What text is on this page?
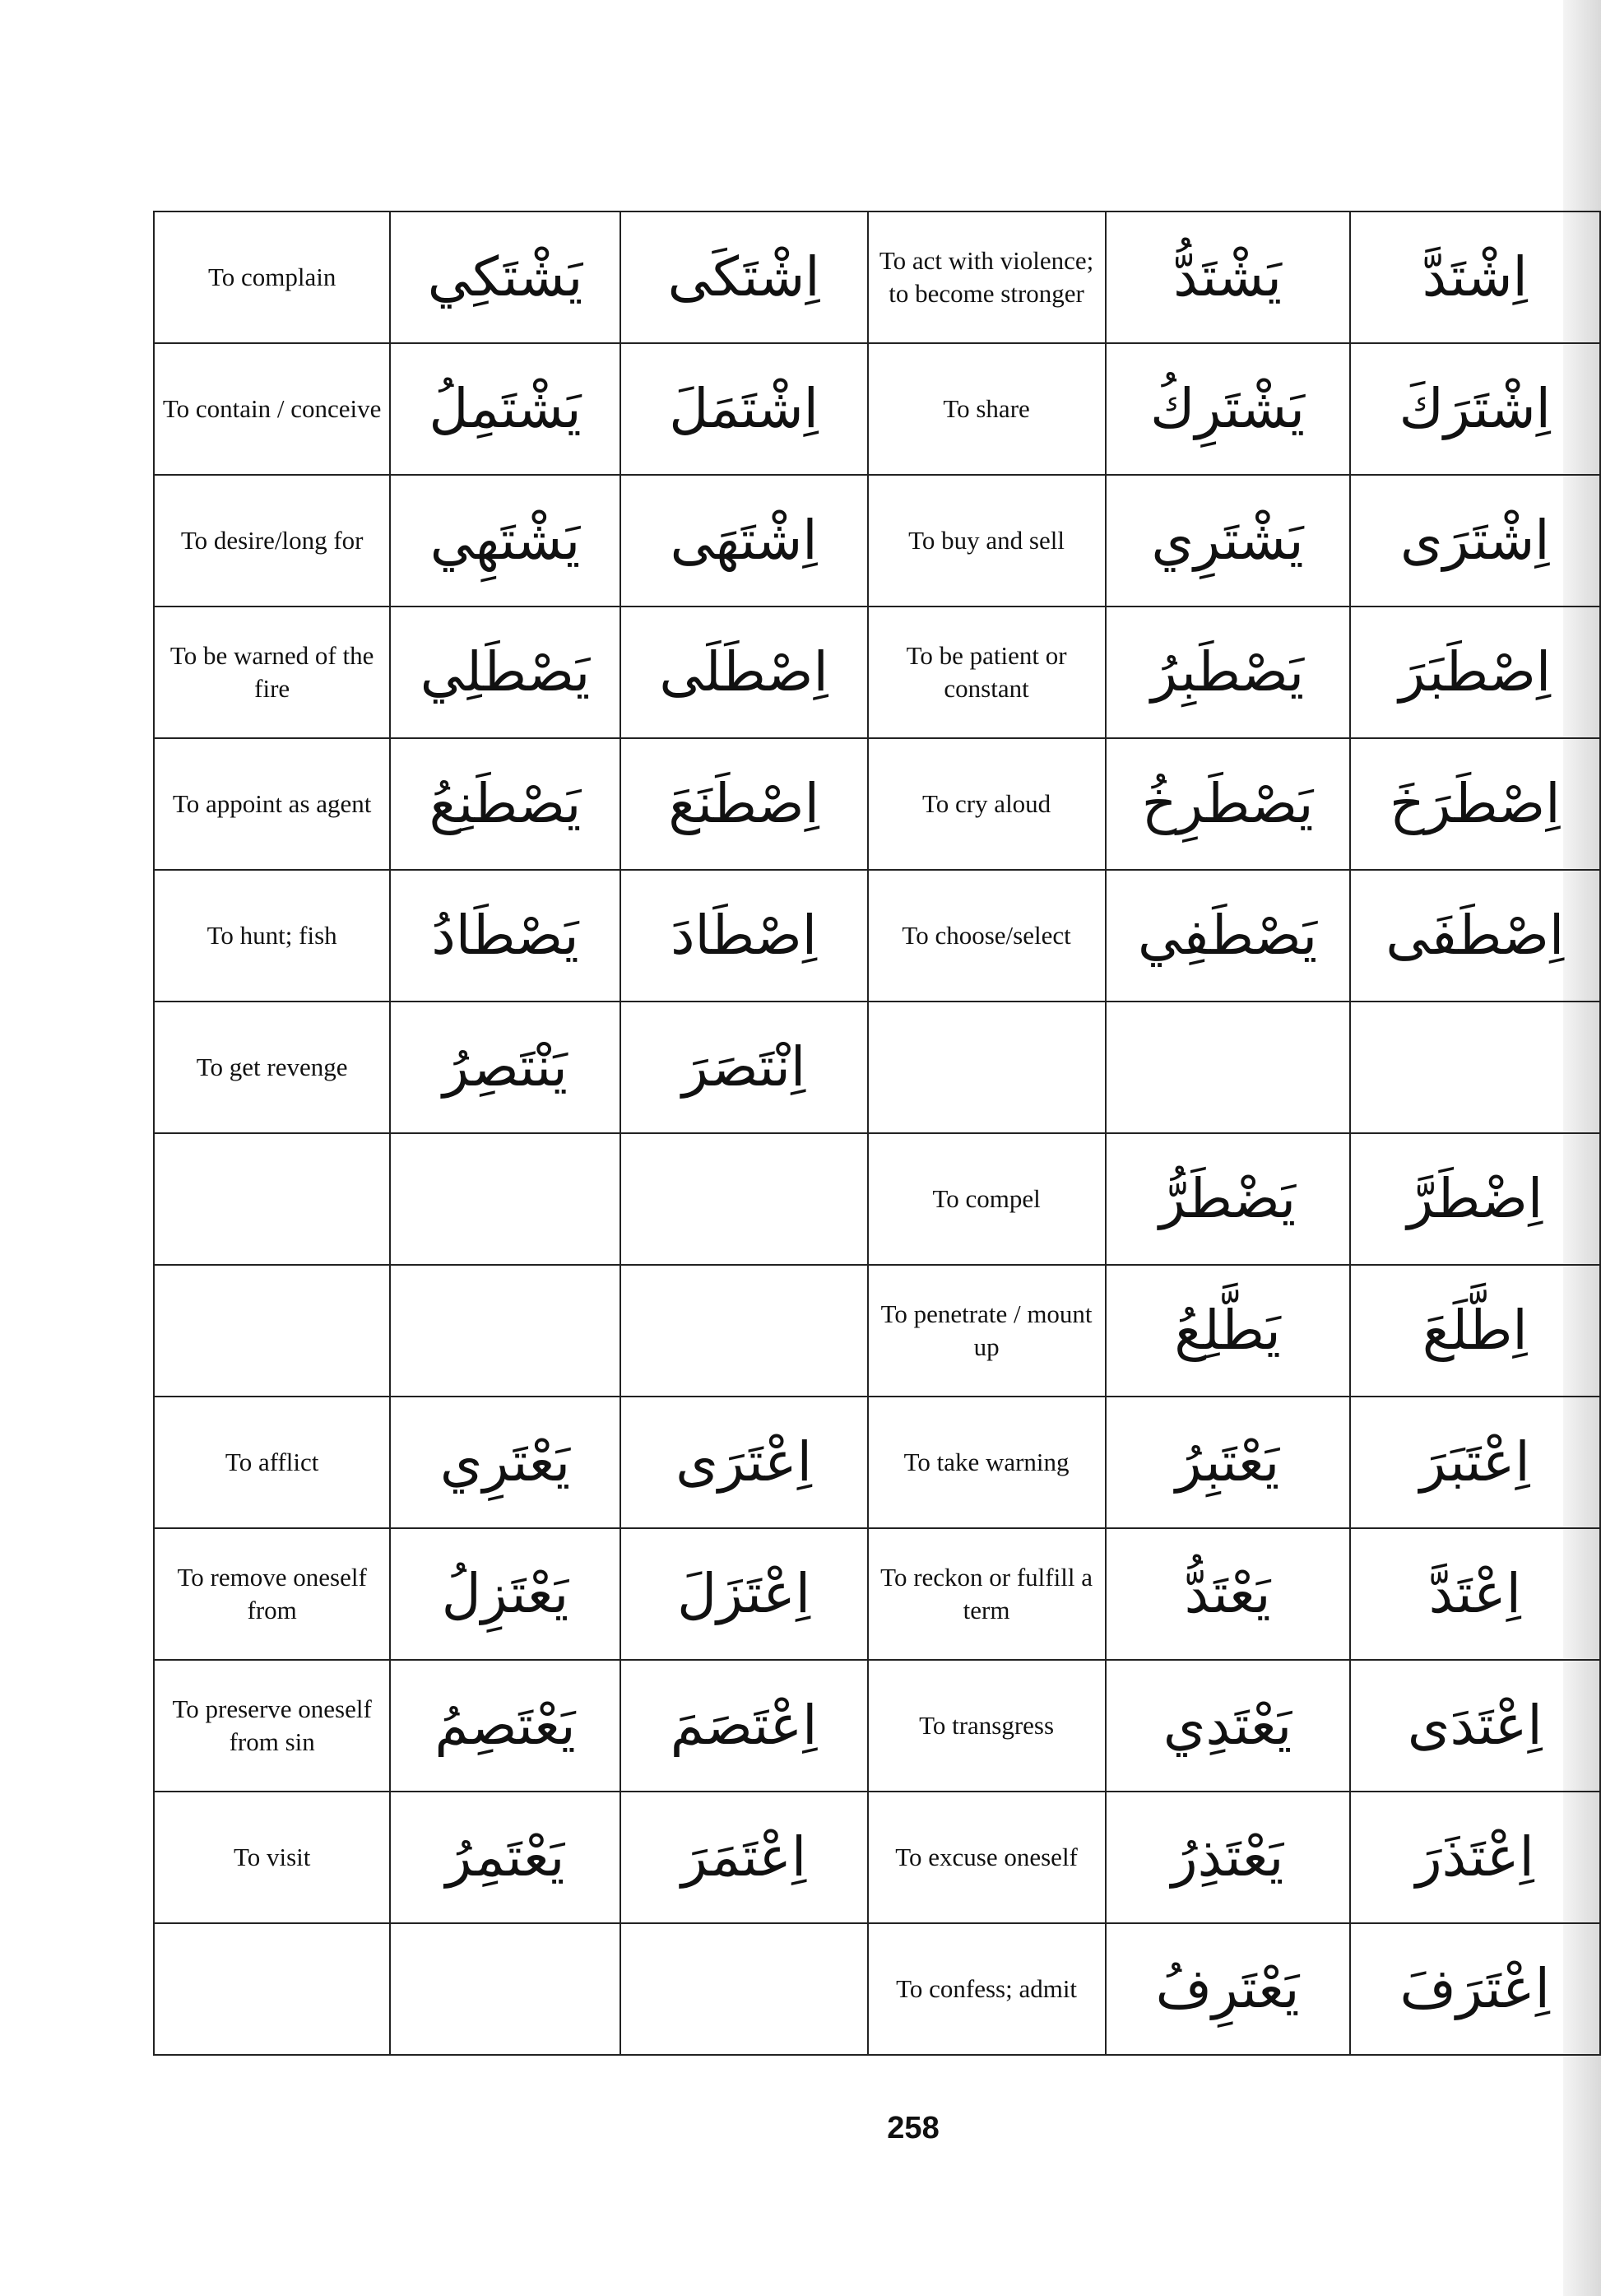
To complain	يَشْتَكِي	اِشْتَكَى	To act with violence; to become stronger	يَشْتَدُّ	اِشْتَدَّ
To contain / conceive	يَشْتَمِلُ	اِشْتَمَلَ	To share	يَشْتَرِكُ	اِشْتَرَكَ
To desire/long for	يَشْتَهِي	اِشْتَهَى	To buy and sell	يَشْتَرِي	اِشْتَرَى
To be warned of the fire	يَصْطَلِي	اِصْطَلَى	To be patient or constant	يَصْطَبِرُ	اِصْطَبَرَ
To appoint as agent	يَصْطَنِعُ	اِصْطَنَعَ	To cry aloud	يَصْطَرِخُ	اِصْطَرَخَ
To hunt; fish	يَصْطَادُ	اِصْطَادَ	To choose/select	يَصْطَفِي	اِصْطَفَى
To get revenge	يَنْتَصِرُ	اِنْتَصَرَ			
			To compel	يَضْطَرُّ	اِضْطَرَّ
			To penetrate / mount up	يَطَّلِعُ	اِطَّلَعَ
To afflict	يَعْتَرِي	اِعْتَرَى	To take warning	يَعْتَبِرُ	اِعْتَبَرَ
To remove oneself from	يَعْتَزِلُ	اِعْتَزَلَ	To reckon or fulfill a term	يَعْتَدُّ	اِعْتَدَّ
To preserve oneself from sin	يَعْتَصِمُ	اِعْتَصَمَ	To transgress	يَعْتَدِي	اِعْتَدَى
To visit	يَعْتَمِرُ	اِعْتَمَرَ	To excuse oneself	يَعْتَذِرُ	اِعْتَذَرَ
			To confess; admit	يَعْتَرِفُ	اِعْتَرَفَ
258
